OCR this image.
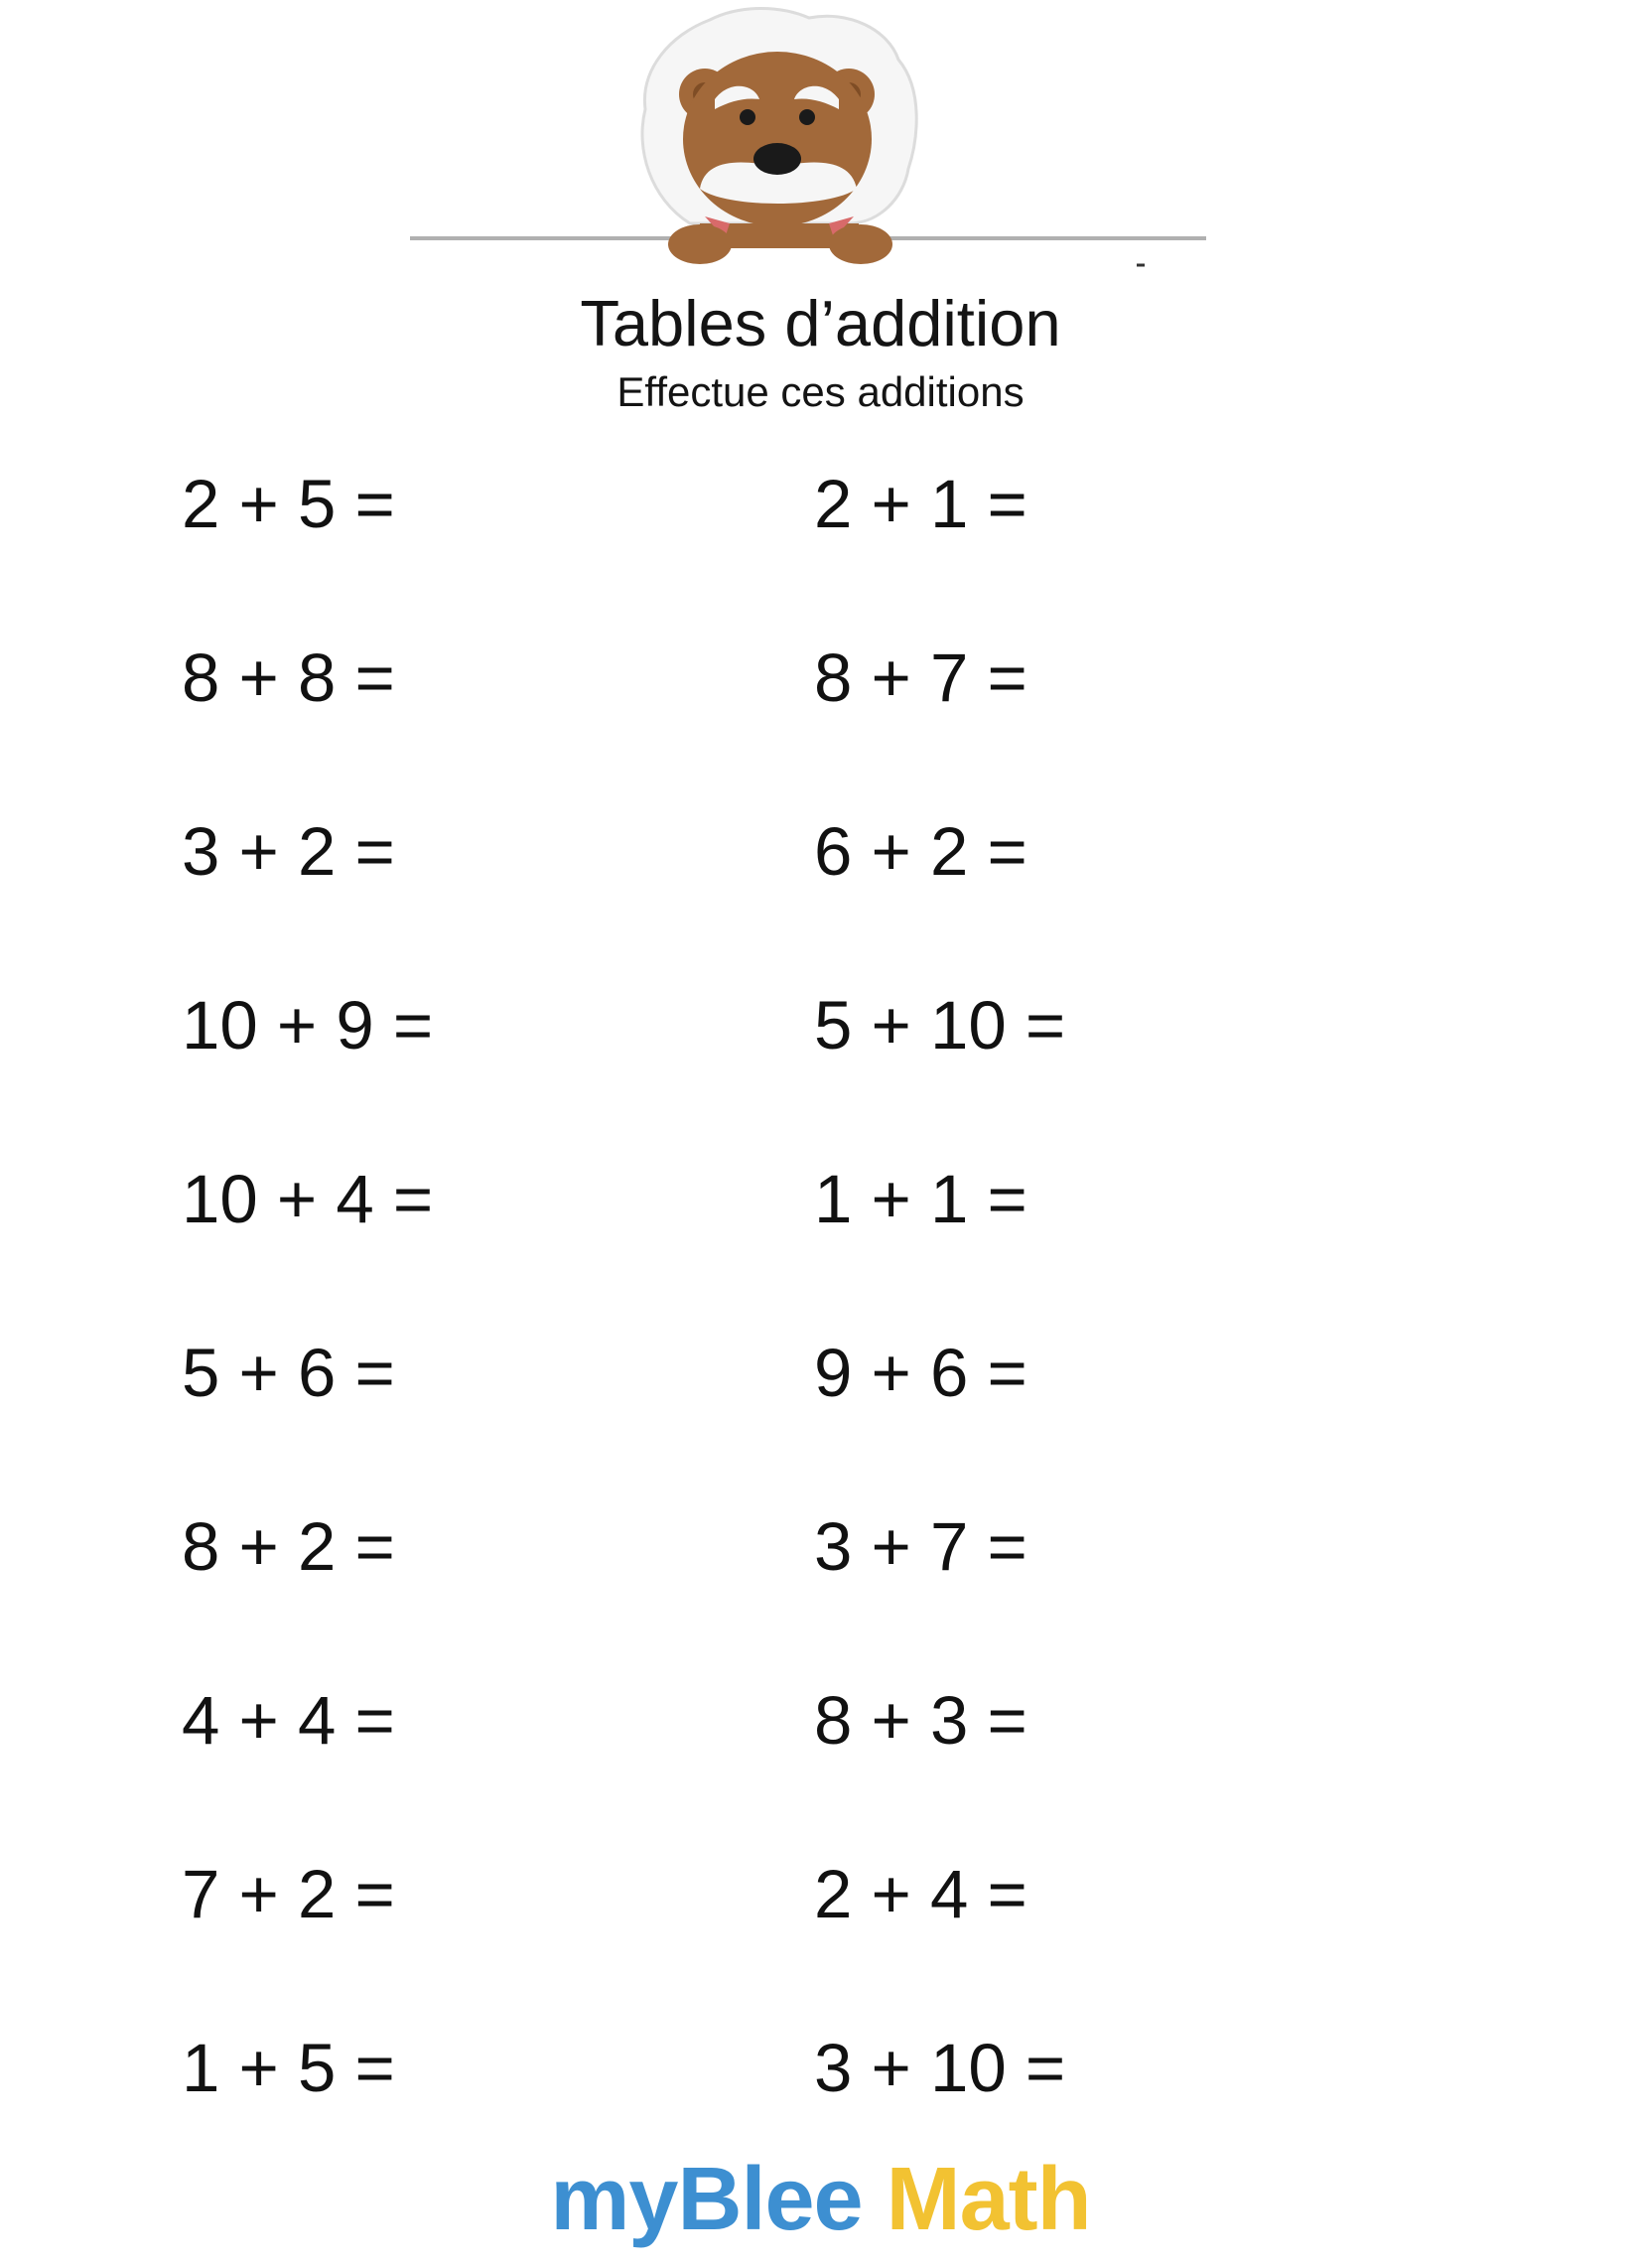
Tables d’addition
Effectue ces additions
2 + 5 =	2 + 1 =
8 + 8 =	8 + 7 =
3 + 2 =	6 + 2 =
10 + 9 =	5 + 10 =
10 + 4 =	1 + 1 =
5 + 6 =	9 + 6 =
8 + 2 =	3 + 7 =
4 + 4 =	8 + 3 =
7 + 2 =	2 + 4 =
1 + 5 =	3 + 10 =
myBlee Math
